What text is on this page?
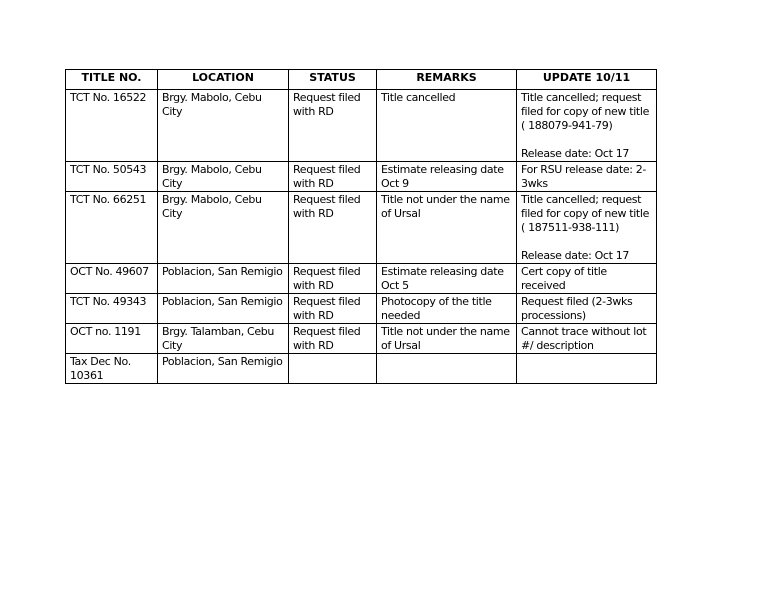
TITLE NO.	LOCATION	STATUS	REMARKS	UPDATE 10/11

TCT No. 16522	Brgy. Mabolo, Cebu City	Request filed with RD	Title cancelled	Title cancelled; request filed for copy of new title ( 188079-941-79)

Release date: Oct 17

TCT No. 50543	Brgy. Mabolo, Cebu City	Request filed with RD	Estimate releasing date Oct 9	For RSU release date: 2-3wks

TCT No. 66251	Brgy. Mabolo, Cebu City	Request filed with RD	Title not under the name of Ursal	Title cancelled; request filed for copy of new title ( 187511-938-111)

Release date: Oct 17

OCT No. 49607	Poblacion, San Remigio	Request filed with RD	Estimate releasing date Oct 5	Cert copy of title received

TCT No. 49343	Poblacion, San Remigio	Request filed with RD	Photocopy of the title needed	Request filed (2-3wks processions)

OCT no. 1191	Brgy. Talamban, Cebu City	Request filed with RD	Title not under the name of Ursal	Cannot trace without lot #/ description

Tax Dec No. 10361	Poblacion, San Remigio			
